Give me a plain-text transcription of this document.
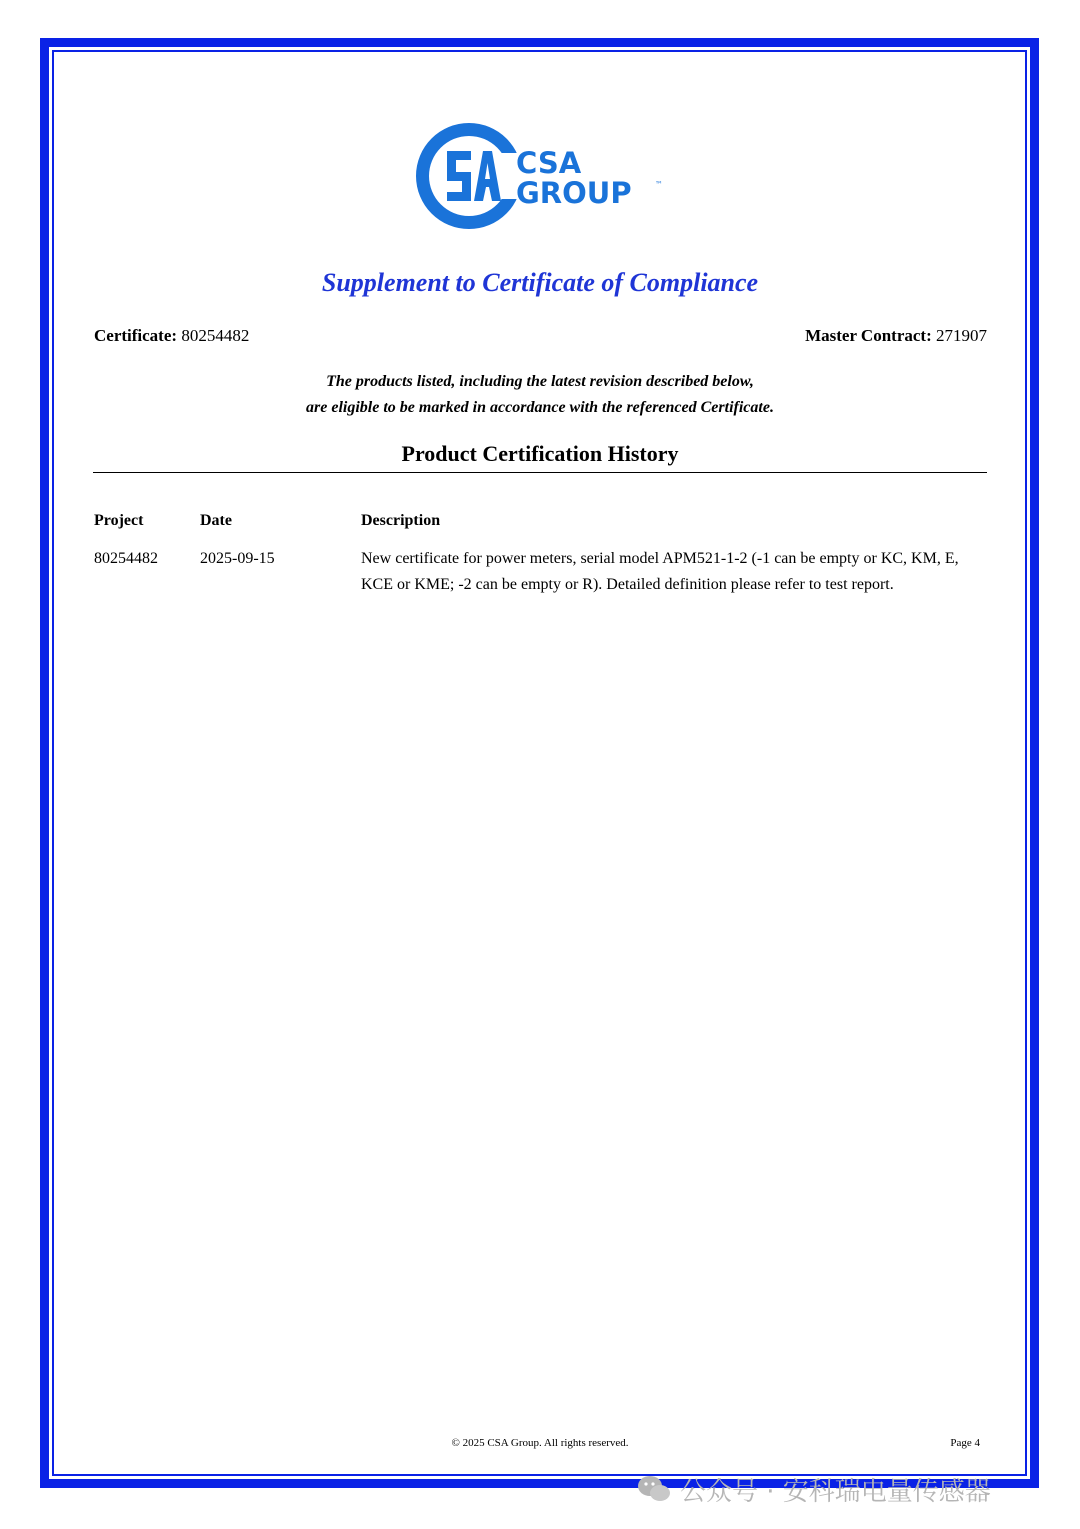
CSA
GROUP	™
Supplement to Certificate of Compliance
Certificate: 80254482	Master Contract: 271907
The products listed, including the latest revision described below,
are eligible to be marked in accordance with the referenced Certificate.
Product Certification History
Project	Date	Description
80254482	2025-09-15	New certificate for power meters, serial model APM521-1-2 (-1 can be empty or KC, KM, E, KCE or KME; -2 can be empty or R). Detailed definition please refer to test report.
© 2025 CSA Group. All rights reserved.	Page 4
公众号 · 安科瑞电量传感器
